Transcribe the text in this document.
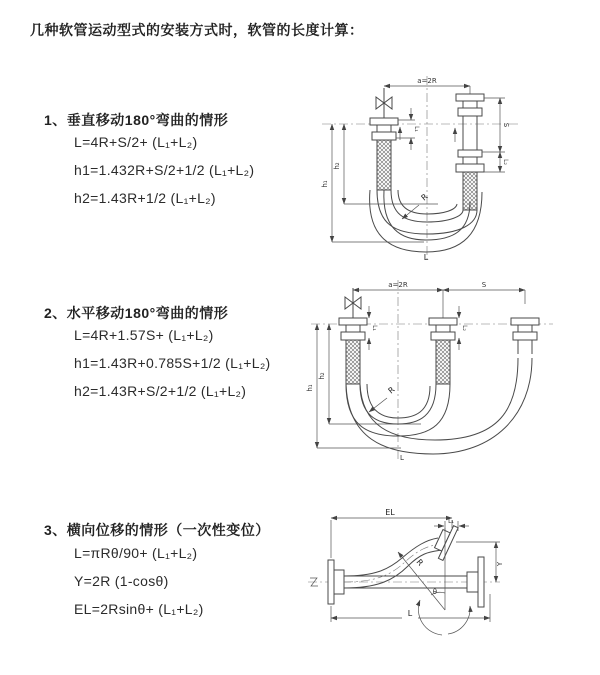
几种软管运动型式的安装方式时，软管的长度计算：
1、垂直移动180°弯曲的情形
L=4R+S/2+ (L₁+L₂)
h1=1.432R+S/2+1/2 (L₁+L₂)
h2=1.43R+1/2 (L₁+L₂)
2、水平移动180°弯曲的情形
L=4R+1.57S+ (L₁+L₂)
h1=1.43R+0.785S+1/2 (L₁+L₂)
h2=1.43R+S/2+1/2 (L₁+L₂)
3、横向位移的情形（一次性变位）
L=πRθ/90+ (L₁+L₂)
Y=2R (1-cosθ)
EL=2Rsinθ+ (L₁+L₂)
a=2R
S
L₂
L₁
h₁
h₂
R
L
a=2R	S
L₁	L₂
h₁
h₂
R
L
EL
L₁
Y
θ
R
L
